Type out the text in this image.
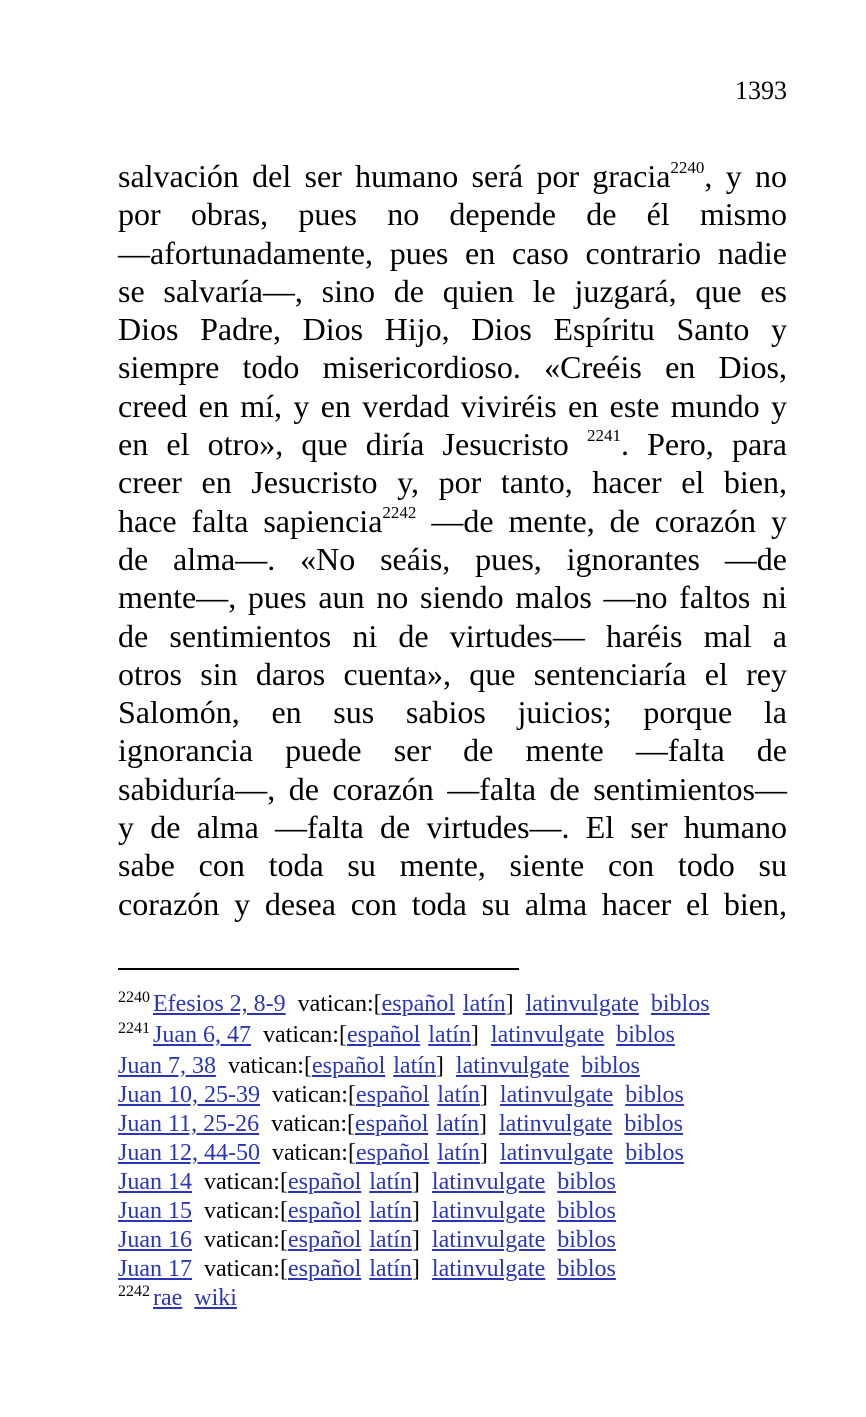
1393
salvación del ser humano será por gracia$^{2240}$, y no
por obras, pues no depende de él mismo
—afortunadamente, pues en caso contrario nadie
se salvaría—, sino de quien le juzgará, que es
Dios Padre, Dios Hijo, Dios Espíritu Santo y
siempre todo misericordioso. «Creéis en Dios,
creed en mí, y en verdad viviréis en este mundo y
en el otro», que diría Jesucristo $^{2241}$. Pero, para
creer en Jesucristo y, por tanto, hacer el bien,
hace falta sapiencia$^{2242}$ —de mente, de corazón y
de alma—. «No seáis, pues, ignorantes —de
mente—, pues aun no siendo malos —no faltos ni
de sentimientos ni de virtudes— haréis mal a
otros sin daros cuenta», que sentenciaría el rey
Salomón, en sus sabios juicios; porque la
ignorancia puede ser de mente —falta de
sabiduría—, de corazón —falta de sentimientos—
y de alma —falta de virtudes—. El ser humano
sabe con toda su mente, siente con todo su
corazón y desea con toda su alma hacer el bien,
$^{2240}$ Efesios 2, 8-9 vatican:[español latín] latinvulgate biblos
$^{2241}$ Juan 6, 47 vatican:[español latín] latinvulgate biblos
Juan 7, 38 vatican:[español latín] latinvulgate biblos
Juan 10, 25-39 vatican:[español latín] latinvulgate biblos
Juan 11, 25-26 vatican:[español latín] latinvulgate biblos
Juan 12, 44-50 vatican:[español latín] latinvulgate biblos
Juan 14 vatican:[español latín] latinvulgate biblos
Juan 15 vatican:[español latín] latinvulgate biblos
Juan 16 vatican:[español latín] latinvulgate biblos
Juan 17 vatican:[español latín] latinvulgate biblos
$^{2242}$ rae wiki
